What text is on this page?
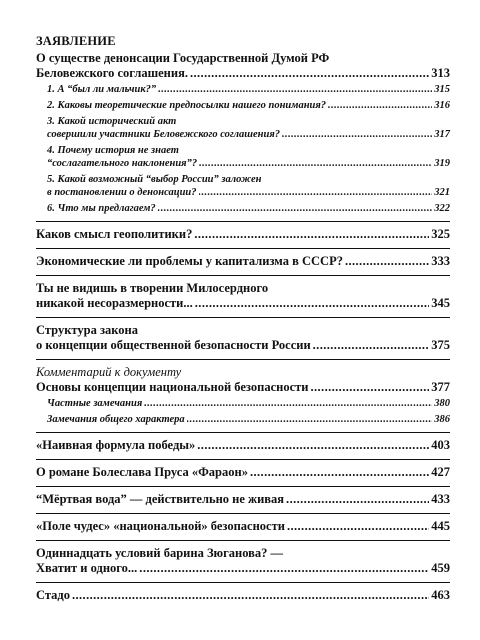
ЗАЯВЛЕНИЕ
О существе денонсации Государственной Думой РФ
Беловежского соглашения. .....	313
1. А “был ли мальчик?” .....	315
2. Каковы теоретические предпосылки нашего понимания? .....	316
3. Какой исторический акт
совершили участники Беловежского соглашения? .....	317
4. Почему история не знает
“сослагательного наклонения”? .....	319
5. Какой возможный “выбор России” заложен
в постановлении о денонсации? .....	321
6. Что мы предлагаем? .....	322
Каков смысл геополитики? .....	325
Экономические ли проблемы у капитализма в СССР? .....	333
Ты не видишь в творении Милосердного
никакой несоразмерности... .....	345
Структура закона
о концепции общественной безопасности России .....	375
Комментарий к документу
Основы концепции национальной безопасности .....	377
Частные замечания .....	380
Замечания общего характера .....	386
«Наивная формула победы» .....	403
О романе Болеслава Пруса «Фараон» .....	427
“Мёртвая вода” — действительно не живая .....	433
«Поле чудес» «национальной» безопасности .....	445
Одиннадцать условий барина Зюганова? —
Хватит и одного... .....	459
Стадо .....	463
